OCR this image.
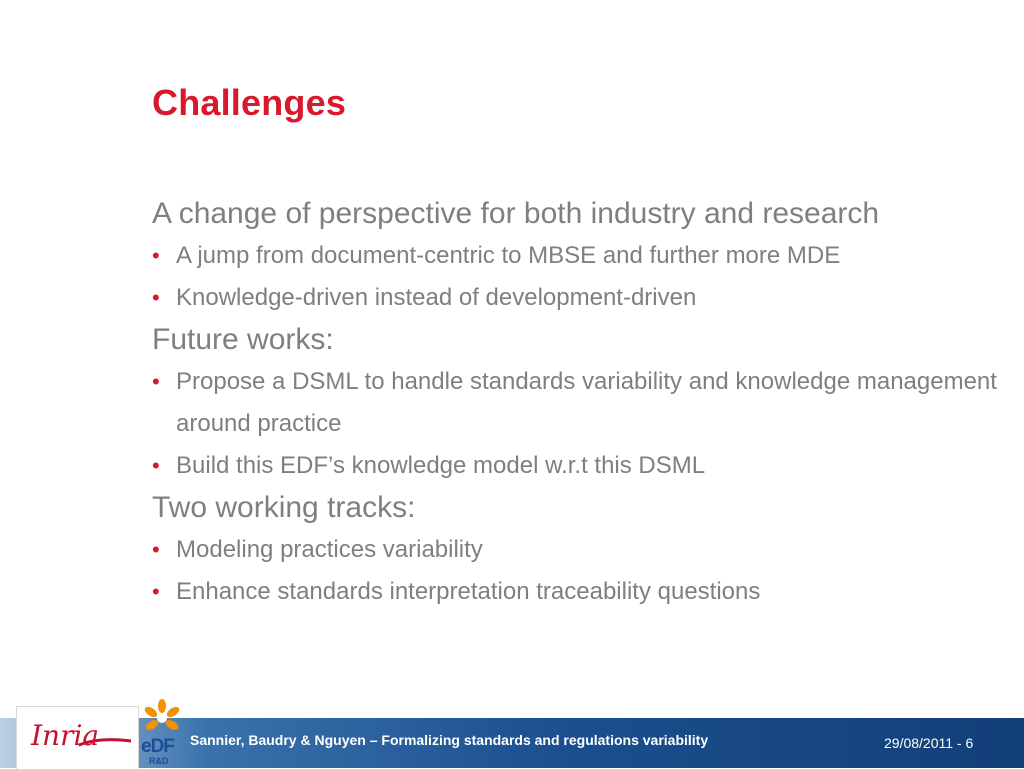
Challenges

A change of perspective for both industry and research

• A jump from document-centric to MBSE and further more MDE
• Knowledge-driven instead of development-driven

Future works:

• Propose a DSML to handle standards variability and knowledge management around practice
• Build this EDF’s knowledge model w.r.t this DSML

Two working tracks:

• Modeling practices variability
• Enhance standards interpretation traceability questions
Inria eDF
R&D
Sannier, Baudry & Nguyen – Formalizing standards and regulations variability	29/08/2011 - 6
